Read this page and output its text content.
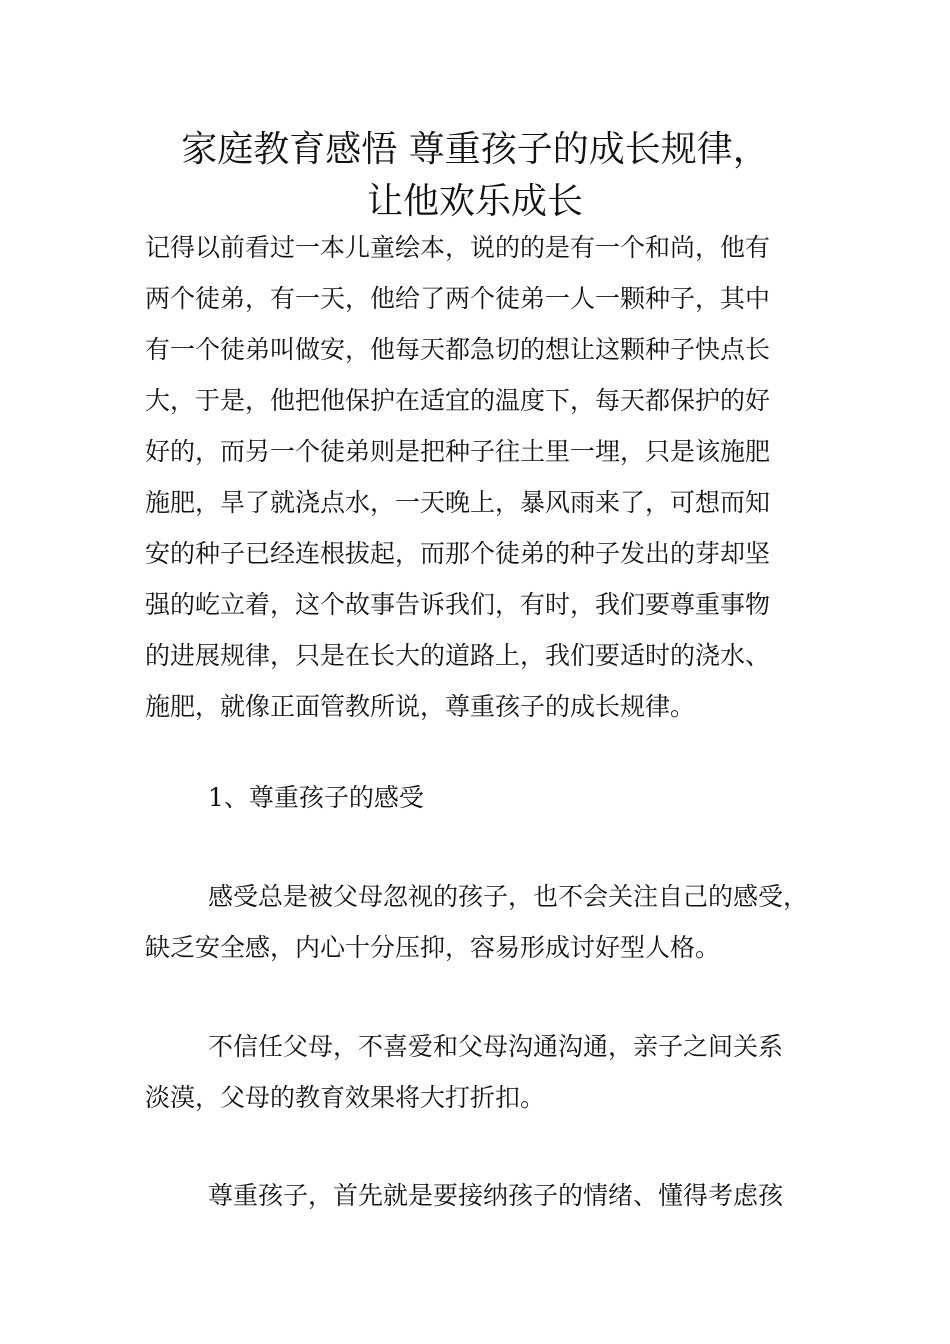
家庭教育感悟 尊重孩子的成长规律，
让他欢乐成长
记得以前看过一本儿童绘本，说的的是有一个和尚，他有
两个徒弟，有一天，他给了两个徒弟一人一颗种子，其中
有一个徒弟叫做安，他每天都急切的想让这颗种子快点长
大，于是，他把他保护在适宜的温度下，每天都保护的好
好的，而另一个徒弟则是把种子往土里一埋，只是该施肥
施肥，旱了就浇点水，一天晚上，暴风雨来了，可想而知
安的种子已经连根拔起，而那个徒弟的种子发出的芽却坚
强的屹立着，这个故事告诉我们，有时，我们要尊重事物
的进展规律，只是在长大的道路上，我们要适时的浇水、
施肥，就像正面管教所说，尊重孩子的成长规律。
1、尊重孩子的感受
感受总是被父母忽视的孩子，也不会关注自己的感受，
缺乏安全感，内心十分压抑，容易形成讨好型人格。
不信任父母，不喜爱和父母沟通沟通，亲子之间关系
淡漠，父母的教育效果将大打折扣。
尊重孩子，首先就是要接纳孩子的情绪、懂得考虑孩
